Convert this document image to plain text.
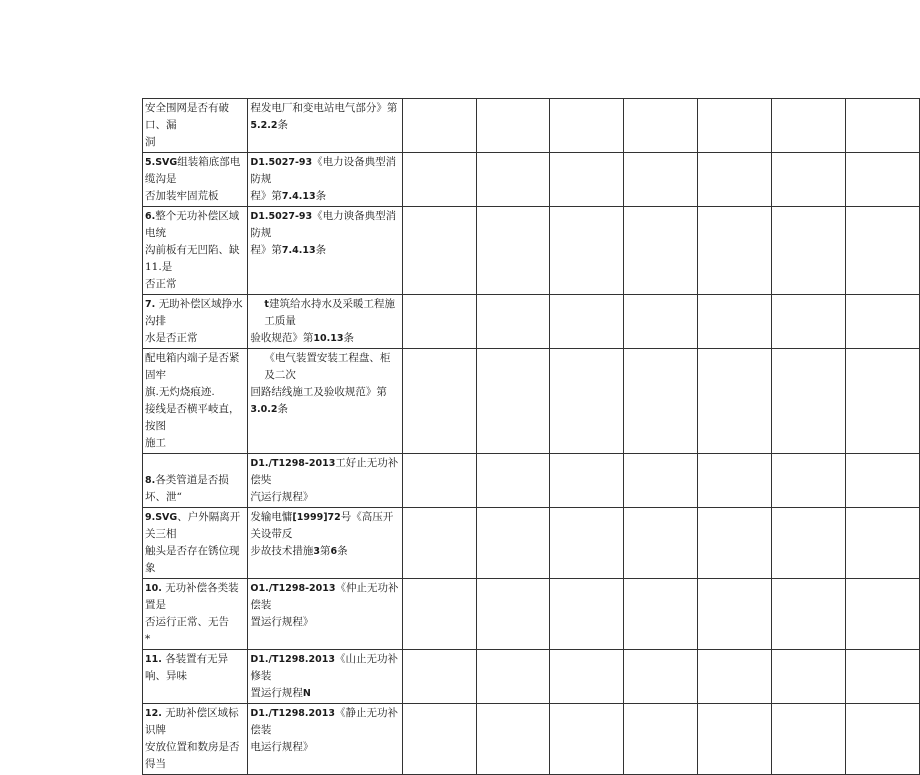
安全围网是否有破口、漏
洞	程发电厂和变电站电气部分》第
5.2.2条							

5.SVG组装箱底部电缆沟是
否加装牢固荒板	D1.5027-93《电力设备典型消防规
程》第7.4.13条							

6.整个无功补偿区域电统
沟前板有无凹陷、缺11.是
否正常	D1.5027-93《电力谀备典型消防规
程》第7.4.13条							

7. 无助补偿区域挣水沟排
水是否正常	t建筑给水持水及采暖工程施工质量
验收规范》第10.13条							

配电箱内端子是否紧固牢
旗.无灼烧痕迹.
接线是否横平岐直，按图
施工	《电气装置安装工程盘、柜及二次
回路结线施工及验收规范》第
3.0.2条							

8.各类管道是否损坏、泄“	D1./T1298-2013工好止无功补偿奘
汽运行规程》							

9.SVG、户外隔离开关三相
触头是否存在锈位现象	发输电慵[1999]72号《高压开关设带反
步故技术措施3第6条							

10. 无功补偿各类装置是
否运行正常、无告
*	O1./T1298-2013《仲止无功补偿装
置运行规程》							

11. 各装置有无异响、异味	D1./T1298.2013《山止无功补修装
置运行规程N							

12. 无助补偿区域标识牌
安放位置和数房是否得当	D1./T1298.2013《静止无功补偿装
电运行规程》							
